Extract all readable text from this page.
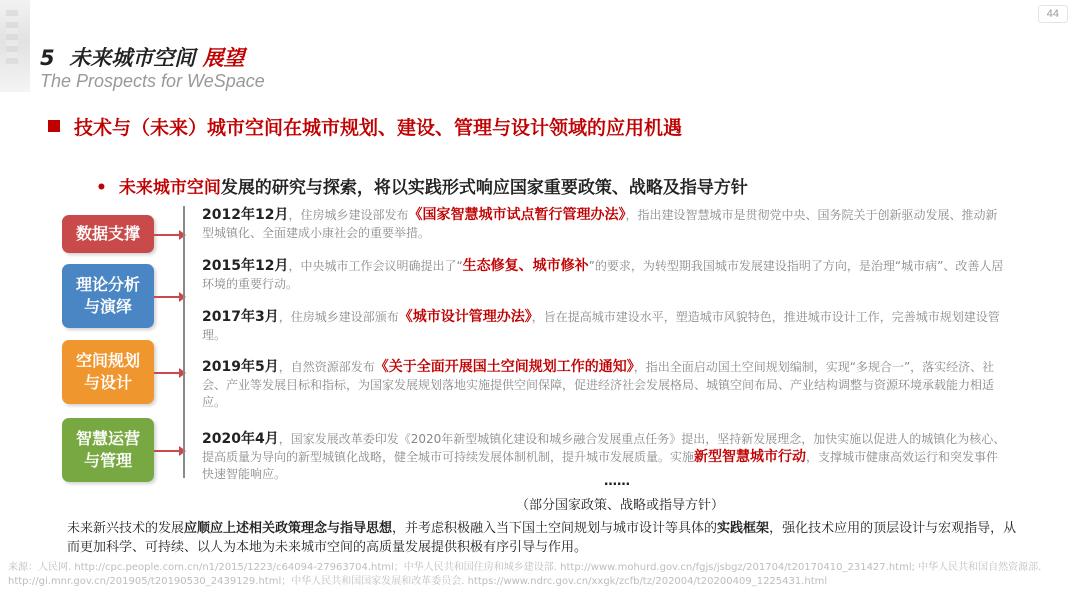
44
5 未来城市空间 展望
The Prospects for WeSpace
技术与（未来）城市空间在城市规划、建设、管理与设计领域的应用机遇
• 未来城市空间发展的研究与探索，将以实践形式响应国家重要政策、战略及指导方针
数据支撑
理论分析与演绎
空间规划与设计
智慧运营与管理
2012年12月，住房城乡建设部发布《国家智慧城市试点暂行管理办法》，指出建设智慧城市是贯彻党中央、国务院关于创新驱动发展、推动新型城镇化、全面建成小康社会的重要举措。
2015年12月，中央城市工作会议明确提出了“生态修复、城市修补”的要求，为转型期我国城市发展建设指明了方向，是治理“城市病”、改善人居环境的重要行动。
2017年3月，住房城乡建设部颁布《城市设计管理办法》，旨在提高城市建设水平，塑造城市风貌特色，推进城市设计工作，完善城市规划建设管理。
2019年5月，自然资源部发布《关于全面开展国土空间规划工作的通知》，指出全面启动国土空间规划编制，实现“多规合一”，落实经济、社会、产业等发展目标和指标，为国家发展规划落地实施提供空间保障，促进经济社会发展格局、城镇空间布局、产业结构调整与资源环境承载能力相适应。
2020年4月，国家发展改革委印发《2020年新型城镇化建设和城乡融合发展重点任务》提出，坚持新发展理念，加快实施以促进人的城镇化为核心、提高质量为导向的新型城镇化战略，健全城市可持续发展体制机制，提升城市发展质量。实施新型智慧城市行动，支撑城市健康高效运行和突发事件快速智能响应。	……
（部分国家政策、战略或指导方针）
未来新兴技术的发展应顺应上述相关政策理念与指导思想，并考虑积极融入当下国土空间规划与城市设计等具体的实践框架，强化技术应用的顶层设计与宏观指导，从而更加科学、可持续、以人为本地为未来城市空间的高质量发展提供积极有序引导与作用。
来源：人民网. http://cpc.people.com.cn/n1/2015/1223/c64094-27963704.html；中华人民共和国住房和城乡建设部. http://www.mohurd.gov.cn/fgjs/jsbgz/201704/t20170410_231427.html; 中华人民共和国自然资源部. http://gi.mnr.gov.cn/201905/t20190530_2439129.html；中华人民共和国国家发展和改革委员会. https://www.ndrc.gov.cn/xxgk/zcfb/tz/202004/t20200409_1225431.html
